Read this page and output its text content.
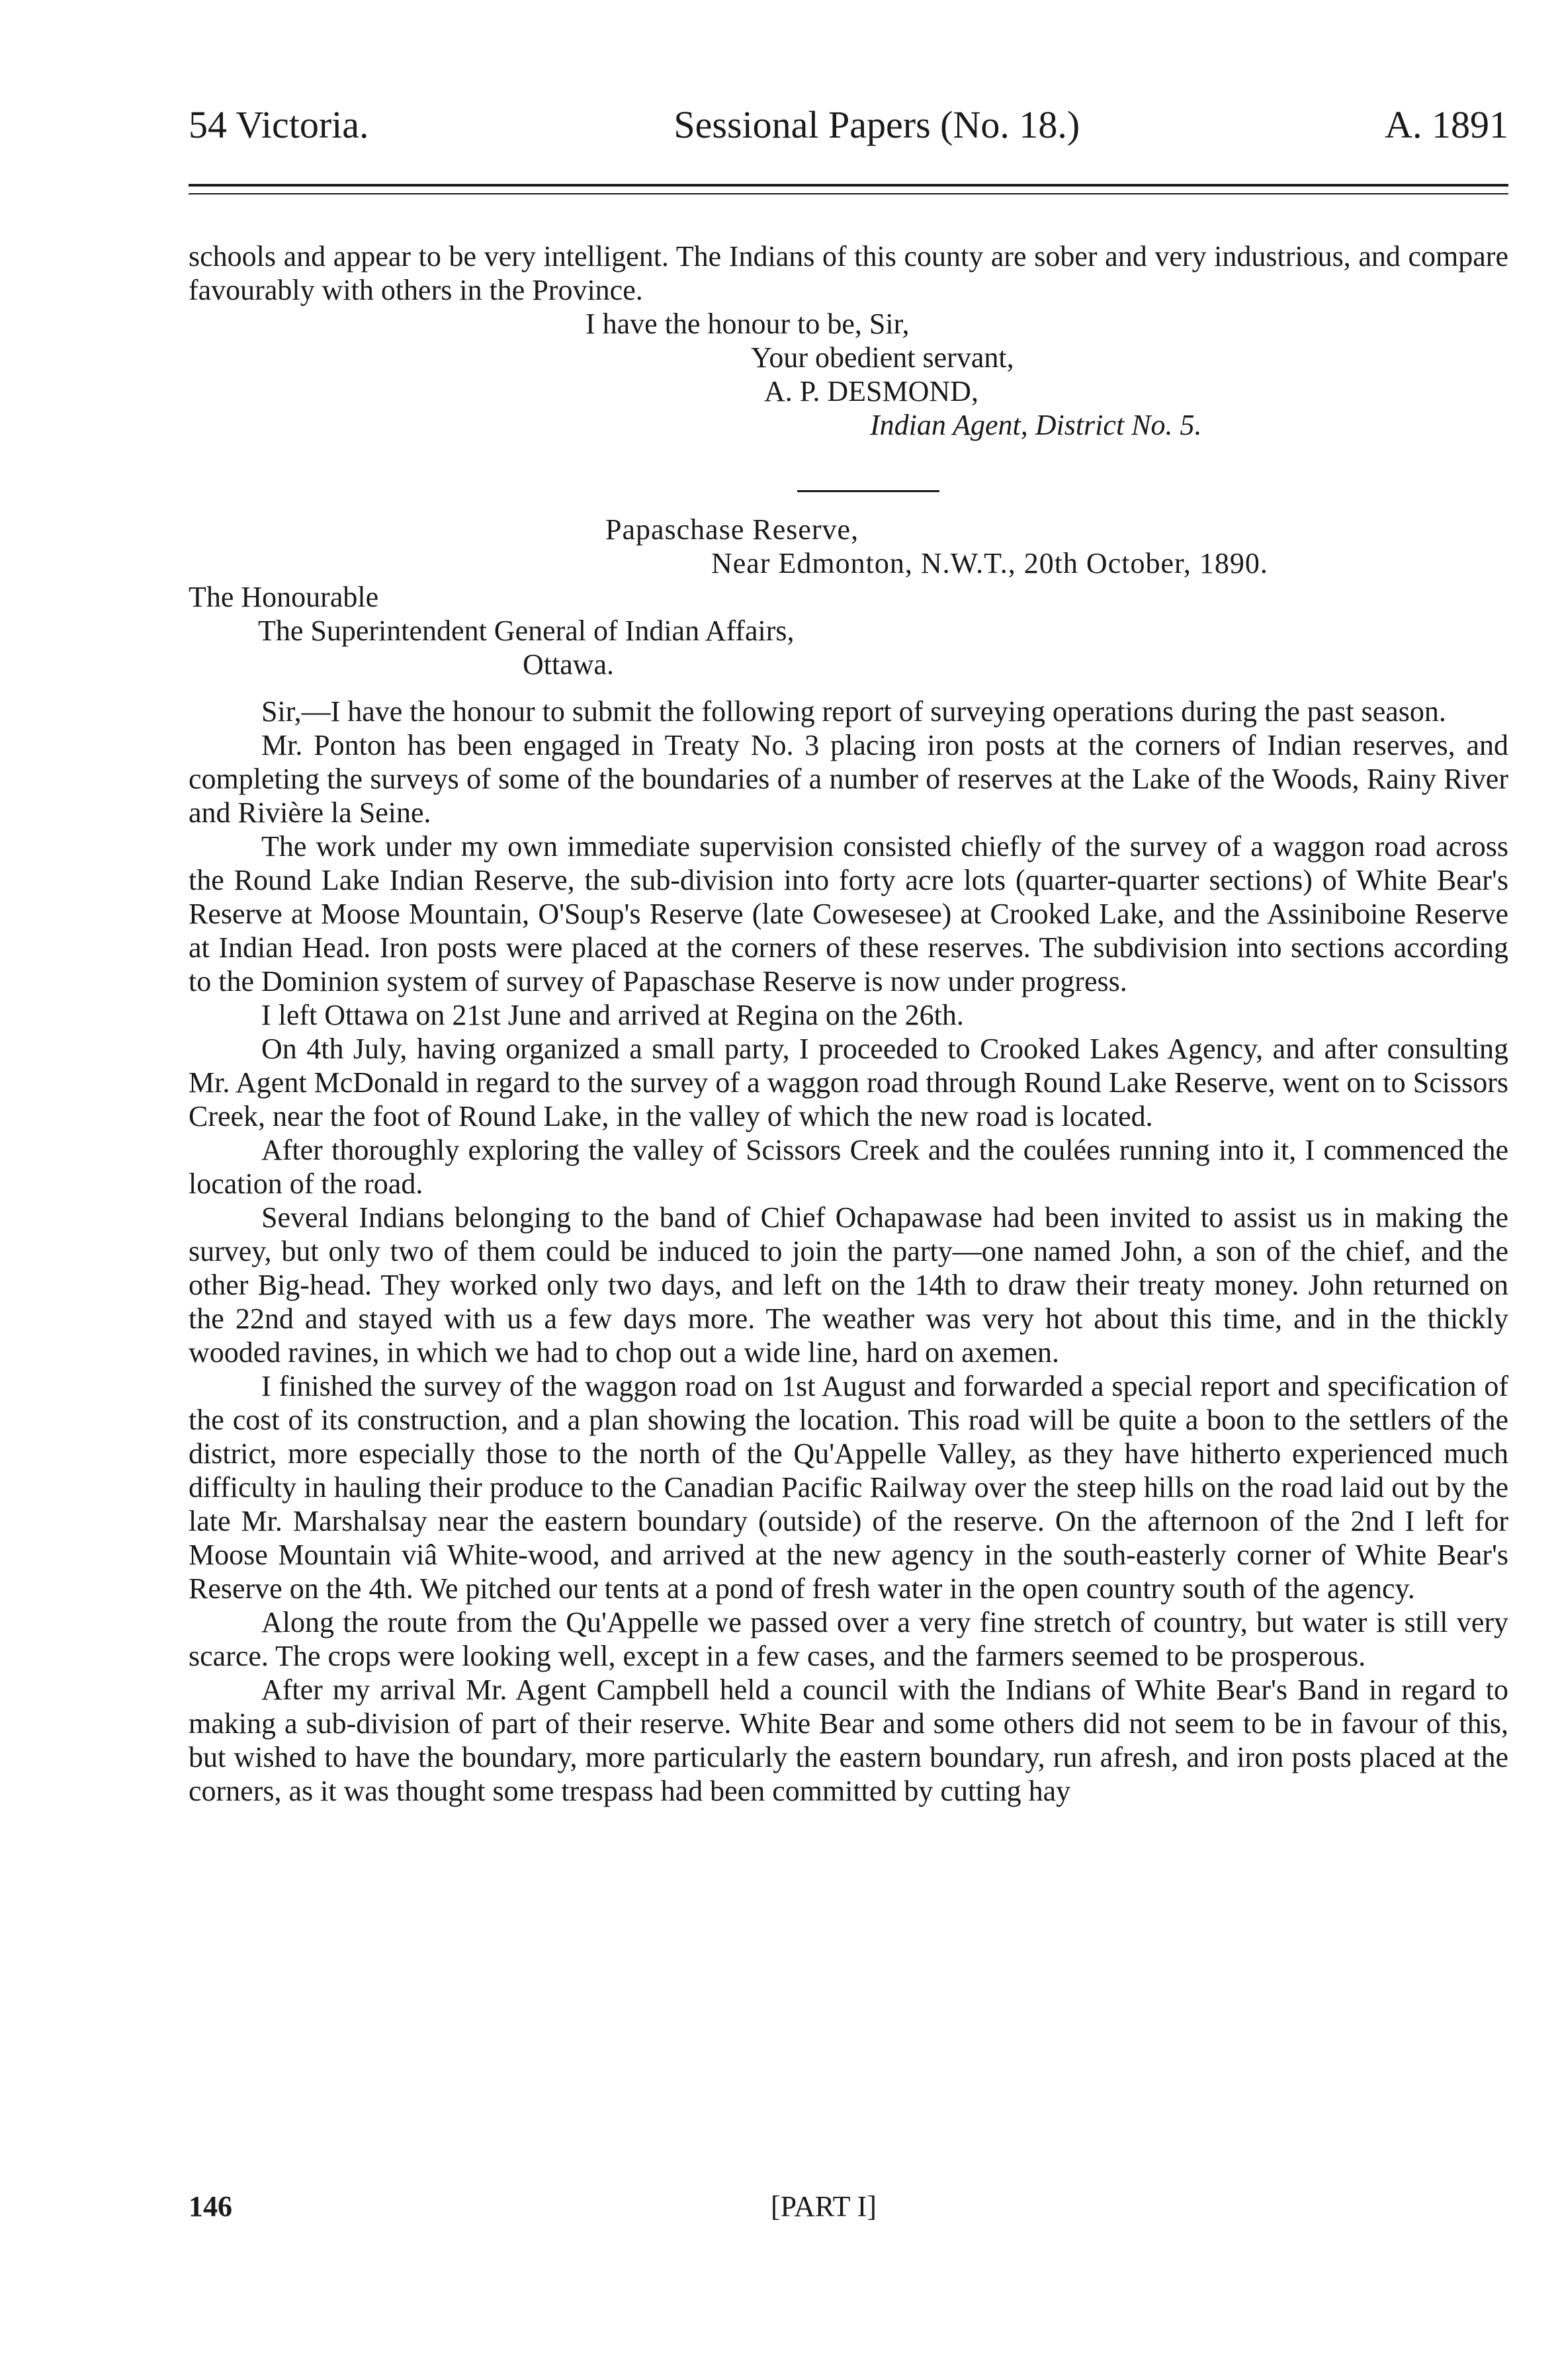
54 Victoria.	Sessional Papers (No. 18.)	A. 1891

schools and appear to be very intelligent. The Indians of this county are sober and very industrious, and compare favourably with others in the Province.

I have the honour to be, Sir,
Your obedient servant,
A. P. DESMOND,
Indian Agent, District No. 5.
Papaschase Reserve,
Near Edmonton, N.W.T., 20th October, 1890.
The Honourable
The Superintendent General of Indian Affairs,
Ottawa.

Sir,—I have the honour to submit the following report of surveying operations during the past season.

Mr. Ponton has been engaged in Treaty No. 3 placing iron posts at the corners of Indian reserves, and completing the surveys of some of the boundaries of a number of reserves at the Lake of the Woods, Rainy River and Rivière la Seine.

The work under my own immediate supervision consisted chiefly of the survey of a waggon road across the Round Lake Indian Reserve, the sub-division into forty acre lots (quarter-quarter sections) of White Bear's Reserve at Moose Mountain, O'Soup's Reserve (late Cowesesee) at Crooked Lake, and the Assiniboine Reserve at Indian Head. Iron posts were placed at the corners of these reserves. The subdivision into sections according to the Dominion system of survey of Papaschase Reserve is now under progress.

I left Ottawa on 21st June and arrived at Regina on the 26th.

On 4th July, having organized a small party, I proceeded to Crooked Lakes Agency, and after consulting Mr. Agent McDonald in regard to the survey of a waggon road through Round Lake Reserve, went on to Scissors Creek, near the foot of Round Lake, in the valley of which the new road is located.

After thoroughly exploring the valley of Scissors Creek and the coulées running into it, I commenced the location of the road.

Several Indians belonging to the band of Chief Ochapawase had been invited to assist us in making the survey, but only two of them could be induced to join the party—one named John, a son of the chief, and the other Big-head. They worked only two days, and left on the 14th to draw their treaty money. John returned on the 22nd and stayed with us a few days more. The weather was very hot about this time, and in the thickly wooded ravines, in which we had to chop out a wide line, hard on axemen.

I finished the survey of the waggon road on 1st August and forwarded a special report and specification of the cost of its construction, and a plan showing the location. This road will be quite a boon to the settlers of the district, more especially those to the north of the Qu'Appelle Valley, as they have hitherto experienced much difficulty in hauling their produce to the Canadian Pacific Railway over the steep hills on the road laid out by the late Mr. Marshalsay near the eastern boundary (outside) of the reserve. On the afternoon of the 2nd I left for Moose Mountain viâ White-wood, and arrived at the new agency in the south-easterly corner of White Bear's Reserve on the 4th. We pitched our tents at a pond of fresh water in the open country south of the agency.

Along the route from the Qu'Appelle we passed over a very fine stretch of country, but water is still very scarce. The crops were looking well, except in a few cases, and the farmers seemed to be prosperous.

After my arrival Mr. Agent Campbell held a council with the Indians of White Bear's Band in regard to making a sub-division of part of their reserve. White Bear and some others did not seem to be in favour of this, but wished to have the boundary, more particularly the eastern boundary, run afresh, and iron posts placed at the corners, as it was thought some trespass had been committed by cutting hay

146	[PART I]
